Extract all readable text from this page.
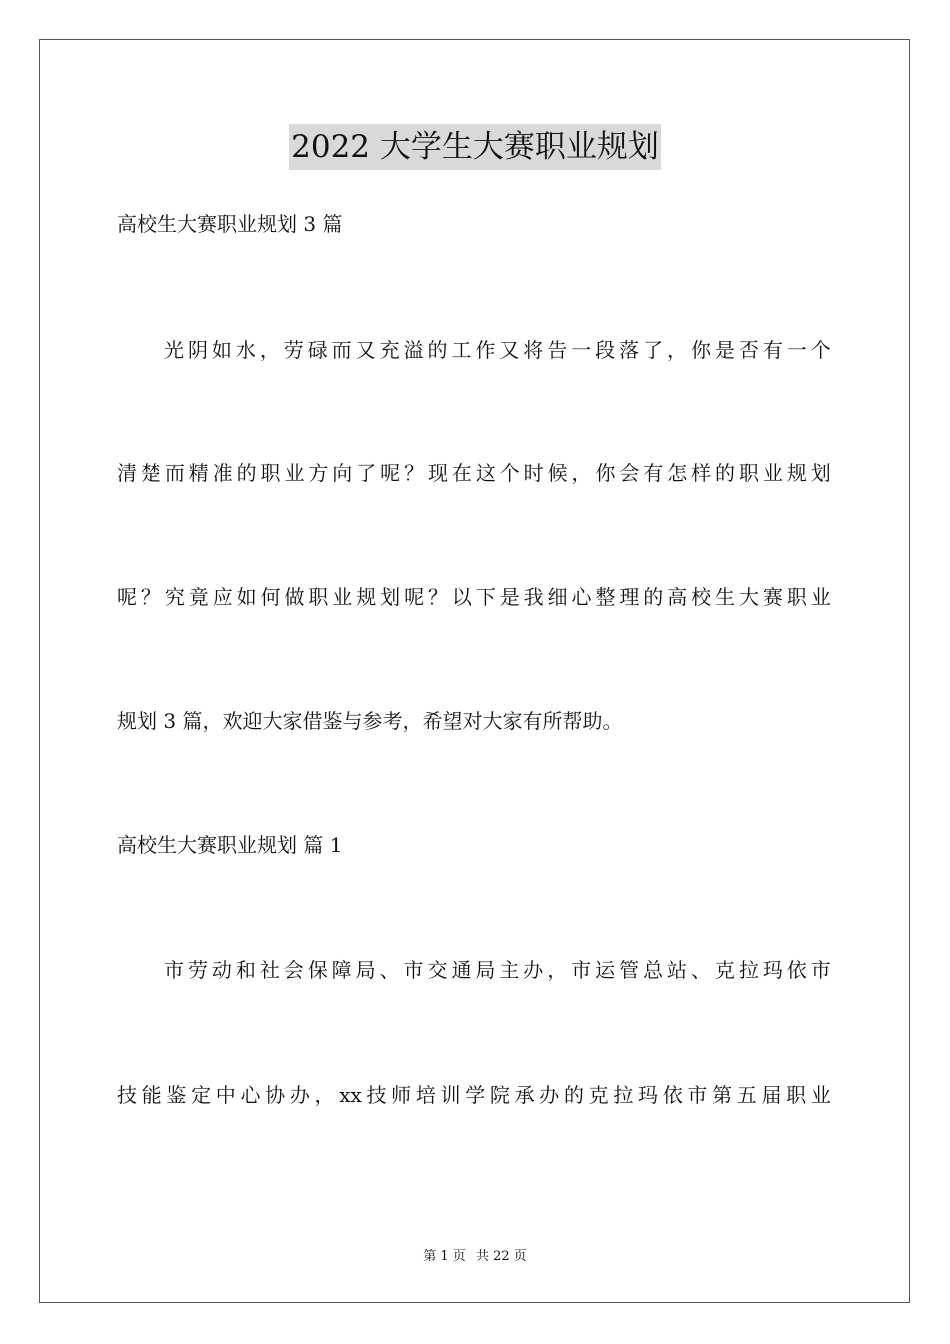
2022 大学生大赛职业规划
高校生大赛职业规划 3 篇
光 阴 如 水 ， 劳 碌 而 又 充 溢 的 工 作 又 将 告 一 段 落 了 ， 你 是 否 有 一 个
清 楚 而 精 准 的 职 业 方 向 了 呢 ？ 现 在 这 个 时 候 ， 你 会 有 怎 样 的 职 业 规 划
呢 ？ 究 竟 应 如 何 做 职 业 规 划 呢 ？ 以 下 是 我 细 心 整 理 的 高 校 生 大 赛 职 业
规划 3 篇，欢迎大家借鉴与参考，希望对大家有所帮助。
高校生大赛职业规划 篇 1
市 劳 动 和 社 会 保 障 局 、 市 交 通 局 主 办 ， 市 运 管 总 站 、 克 拉 玛 依 市
技 能 鉴 定 中 心 协 办 ， xx 技 师 培 训 学 院 承 办 的 克 拉 玛 依 市 第 五 届 职 业
第 1 页 共 22 页
